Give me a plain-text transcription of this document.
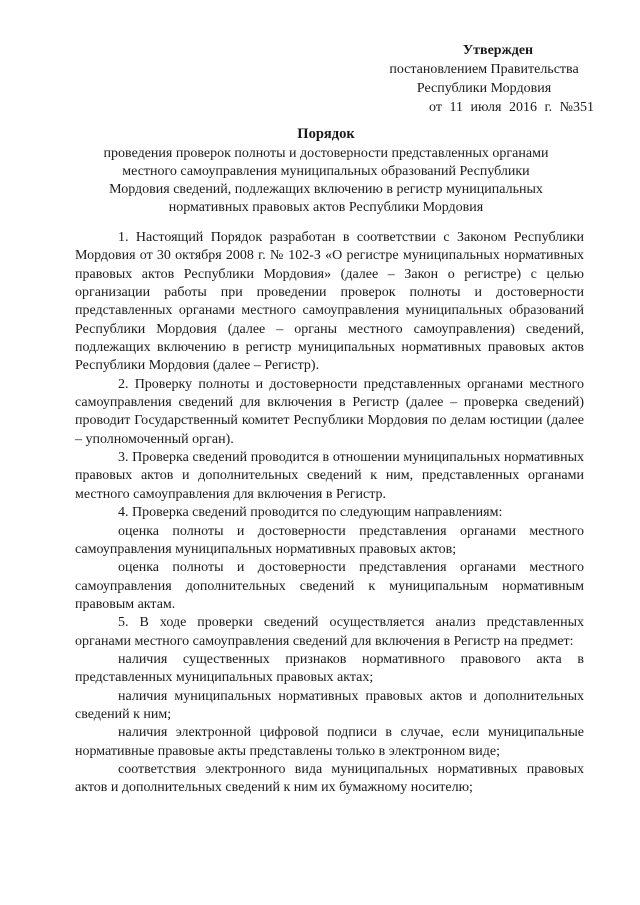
Утвержден
постановлением Правительства
Республики Мордовия
от 11 июля 2016 г. №351
Порядок
проведения проверок полноты и достоверности представленных органами
местного самоуправления муниципальных образований Республики
Мордовия сведений, подлежащих включению в регистр муниципальных
нормативных правовых актов Республики Мордовия

1. Настоящий Порядок разработан в соответствии с Законом Республики Мордовия от 30 октября 2008 г. № 102-З «О регистре муниципальных нормативных правовых актов Республики Мордовия» (далее – Закон о регистре) с целью организации работы при проведении проверок полноты и достоверности представленных органами местного самоуправления муниципальных образований Республики Мордовия (далее – органы местного самоуправления) сведений, подлежащих включению в регистр муниципальных нормативных правовых актов Республики Мордовия (далее – Регистр).

2. Проверку полноты и достоверности представленных органами местного самоуправления сведений для включения в Регистр (далее – проверка сведений) проводит Государственный комитет Республики Мордовия по делам юстиции (далее – уполномоченный орган).

3. Проверка сведений проводится в отношении муниципальных нормативных правовых актов и дополнительных сведений к ним, представленных органами местного самоуправления для включения в Регистр.

4. Проверка сведений проводится по следующим направлениям:

оценка полноты и достоверности представления органами местного самоуправления муниципальных нормативных правовых актов;

оценка полноты и достоверности представления органами местного самоуправления дополнительных сведений к муниципальным нормативным правовым актам.

5. В ходе проверки сведений осуществляется анализ представленных органами местного самоуправления сведений для включения в Регистр на предмет:

наличия существенных признаков нормативного правового акта в представленных муниципальных правовых актах;

наличия муниципальных нормативных правовых актов и дополнительных сведений к ним;

наличия электронной цифровой подписи в случае, если муниципальные нормативные правовые акты представлены только в электронном виде;

соответствия электронного вида муниципальных нормативных правовых актов и дополнительных сведений к ним их бумажному носителю;
